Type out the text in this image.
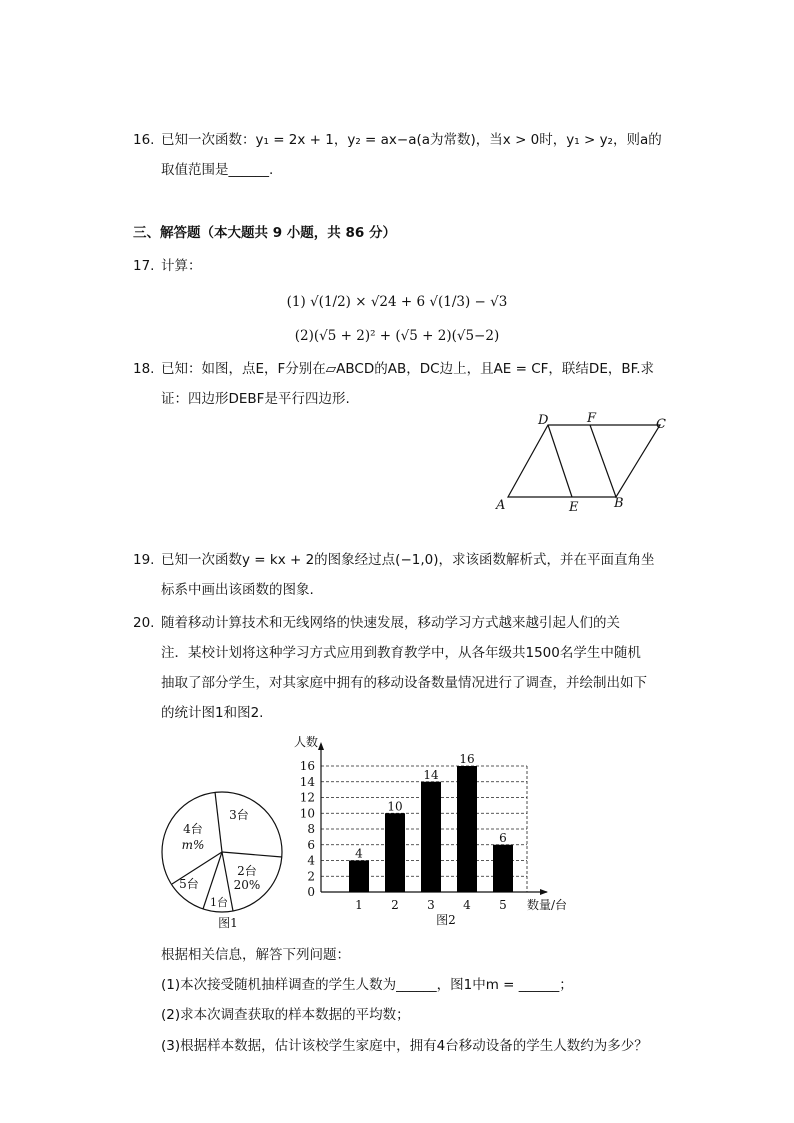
16. 已知一次函数：y₁ = 2x + 1，y₂ = ax−a(a为常数)，当x > 0时，y₁ > y₂，则a的
取值范围是______.
三、解答题（本大题共 9 小题，共 86 分）
17. 计算：
(1) √(1/2) × √24 + 6 √(1/3) − √3
(2)(√5 + 2)² + (√5 + 2)(√5−2)
18. 已知：如图，点E，F分别在▱ABCD的AB，DC边上，且AE = CF，联结DE，BF.求
证：四边形DEBF是平行四边形.
A	E	B
C
D	F
19. 已知一次函数y = kx + 2的图象经过点(−1,0)，求该函数解析式，并在平面直角坐
标系中画出该函数的图象.
20. 随着移动计算技术和无线网络的快速发展，移动学习方式越来越引起人们的关
注．某校计划将这种学习方式应用到教育教学中，从各年级共1500名学生中随机
抽取了部分学生，对其家庭中拥有的移动设备数量情况进行了调查，并绘制出如下
的统计图1和图2.
3台
4台
m%
2台
20%
5台
1台
图1
0
2
4
6
8
10
12
14
16
1 2 3 4 5
4
10
14
16
6
人数
数量/台
图2
根据相关信息，解答下列问题：
(1)本次接受随机抽样调查的学生人数为______，图1中m = ______；
(2)求本次调查获取的样本数据的平均数；
(3)根据样本数据，估计该校学生家庭中，拥有4台移动设备的学生人数约为多少？
